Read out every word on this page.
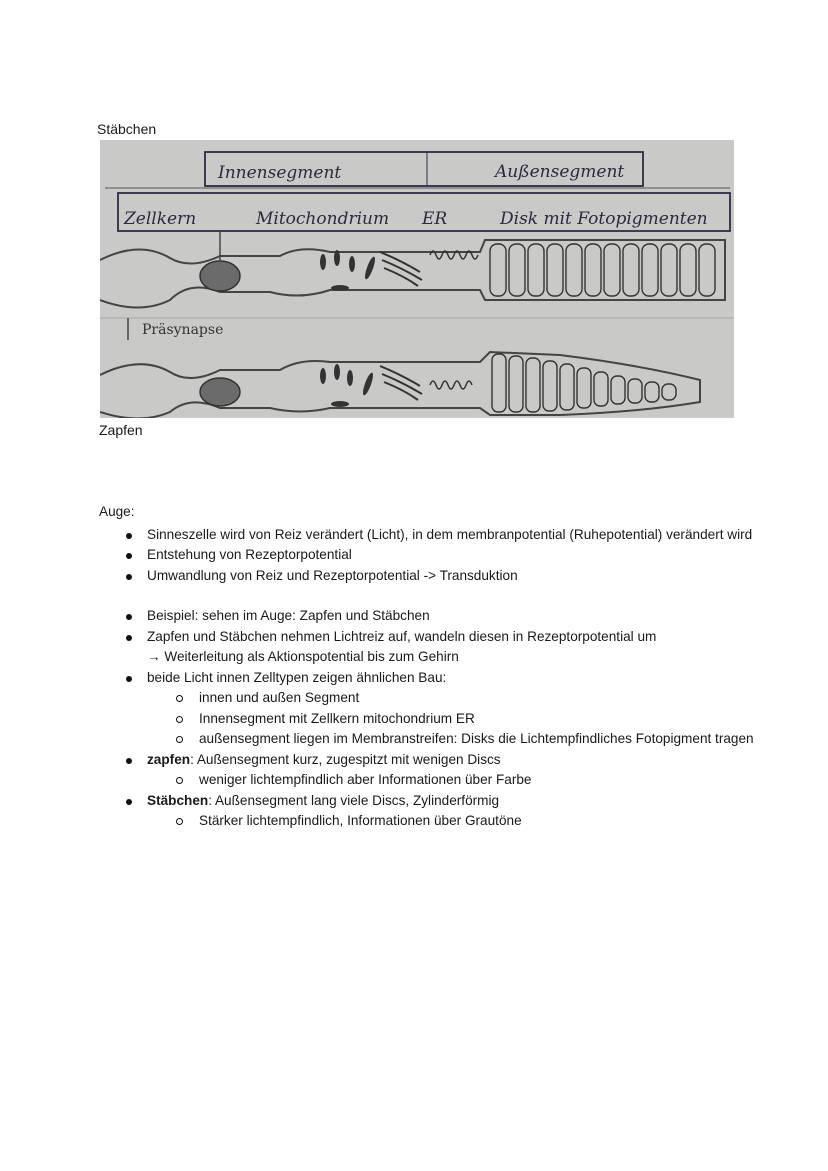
Stäbchen
Innensegment	Außensegment
Zellkern	Mitochondrium ER	Disk mit Fotopigmenten
Präsynapse
Zapfen
Auge:
Sinneszelle wird von Reiz verändert (Licht), in dem membranpotential (Ruhepotential) verändert wird
Entstehung von Rezeptorpotential
Umwandlung von Reiz und Rezeptorpotential -> Transduktion
Beispiel: sehen im Auge: Zapfen und Stäbchen
Zapfen und Stäbchen nehmen Lichtreiz auf, wandeln diesen in Rezeptorpotential um
→ Weiterleitung als Aktionspotential bis zum Gehirn
beide Licht innen Zelltypen zeigen ähnlichen Bau:
innen und außen Segment
Innensegment mit Zellkern mitochondrium ER
außensegment liegen im Membranstreifen: Disks die Lichtempfindliches Fotopigment tragen
zapfen: Außensegment kurz, zugespitzt mit wenigen Discs
weniger lichtempfindlich aber Informationen über Farbe
Stäbchen: Außensegment lang viele Discs, Zylinderförmig
Stärker lichtempfindlich, Informationen über Grautöne
